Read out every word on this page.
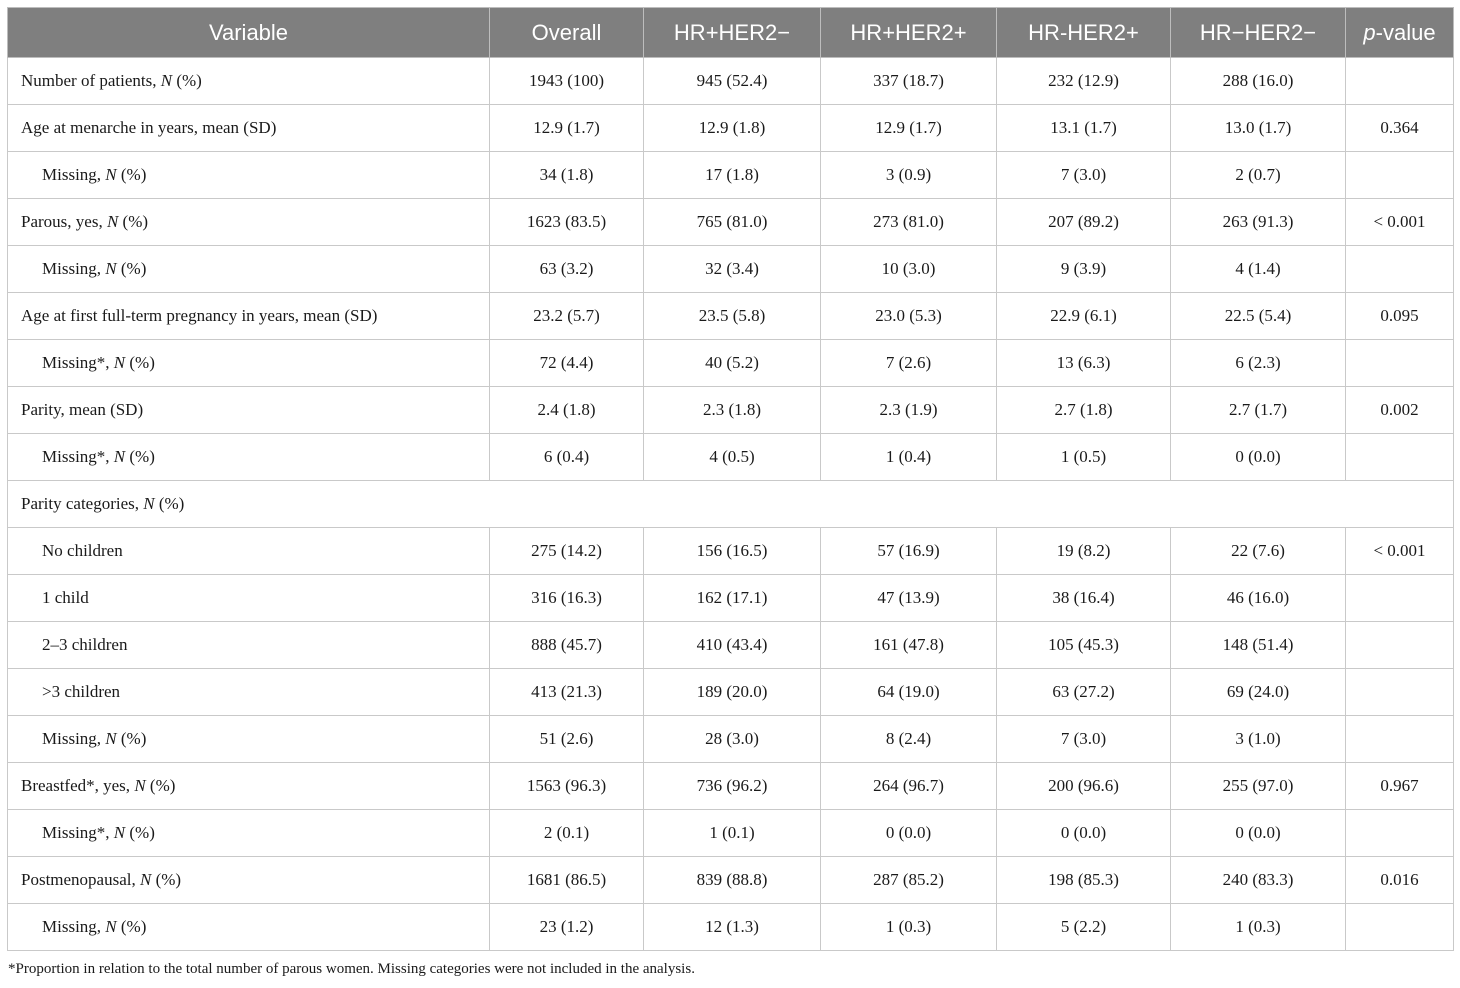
Variable	Overall	HR+HER2−	HR+HER2+	HR-HER2+	HR−HER2−	p-value
Number of patients, N (%)	1943 (100)	945 (52.4)	337 (18.7)	232 (12.9)	288 (16.0)	
Age at menarche in years, mean (SD)	12.9 (1.7)	12.9 (1.8)	12.9 (1.7)	13.1 (1.7)	13.0 (1.7)	0.364
Missing, N (%)	34 (1.8)	17 (1.8)	3 (0.9)	7 (3.0)	2 (0.7)	
Parous, yes, N (%)	1623 (83.5)	765 (81.0)	273 (81.0)	207 (89.2)	263 (91.3)	< 0.001
Missing, N (%)	63 (3.2)	32 (3.4)	10 (3.0)	9 (3.9)	4 (1.4)	
Age at first full-term pregnancy in years, mean (SD)	23.2 (5.7)	23.5 (5.8)	23.0 (5.3)	22.9 (6.1)	22.5 (5.4)	0.095
Missing*, N (%)	72 (4.4)	40 (5.2)	7 (2.6)	13 (6.3)	6 (2.3)	
Parity, mean (SD)	2.4 (1.8)	2.3 (1.8)	2.3 (1.9)	2.7 (1.8)	2.7 (1.7)	0.002
Missing*, N (%)	6 (0.4)	4 (0.5)	1 (0.4)	1 (0.5)	0 (0.0)	
Parity categories, N (%)						
No children	275 (14.2)	156 (16.5)	57 (16.9)	19 (8.2)	22 (7.6)	< 0.001
1 child	316 (16.3)	162 (17.1)	47 (13.9)	38 (16.4)	46 (16.0)	
2–3 children	888 (45.7)	410 (43.4)	161 (47.8)	105 (45.3)	148 (51.4)	
>3 children	413 (21.3)	189 (20.0)	64 (19.0)	63 (27.2)	69 (24.0)	
Missing, N (%)	51 (2.6)	28 (3.0)	8 (2.4)	7 (3.0)	3 (1.0)	
Breastfed*, yes, N (%)	1563 (96.3)	736 (96.2)	264 (96.7)	200 (96.6)	255 (97.0)	0.967
Missing*, N (%)	2 (0.1)	1 (0.1)	0 (0.0)	0 (0.0)	0 (0.0)	
Postmenopausal, N (%)	1681 (86.5)	839 (88.8)	287 (85.2)	198 (85.3)	240 (83.3)	0.016
Missing, N (%)	23 (1.2)	12 (1.3)	1 (0.3)	5 (2.2)	1 (0.3)	
*Proportion in relation to the total number of parous women. Missing categories were not included in the analysis.
